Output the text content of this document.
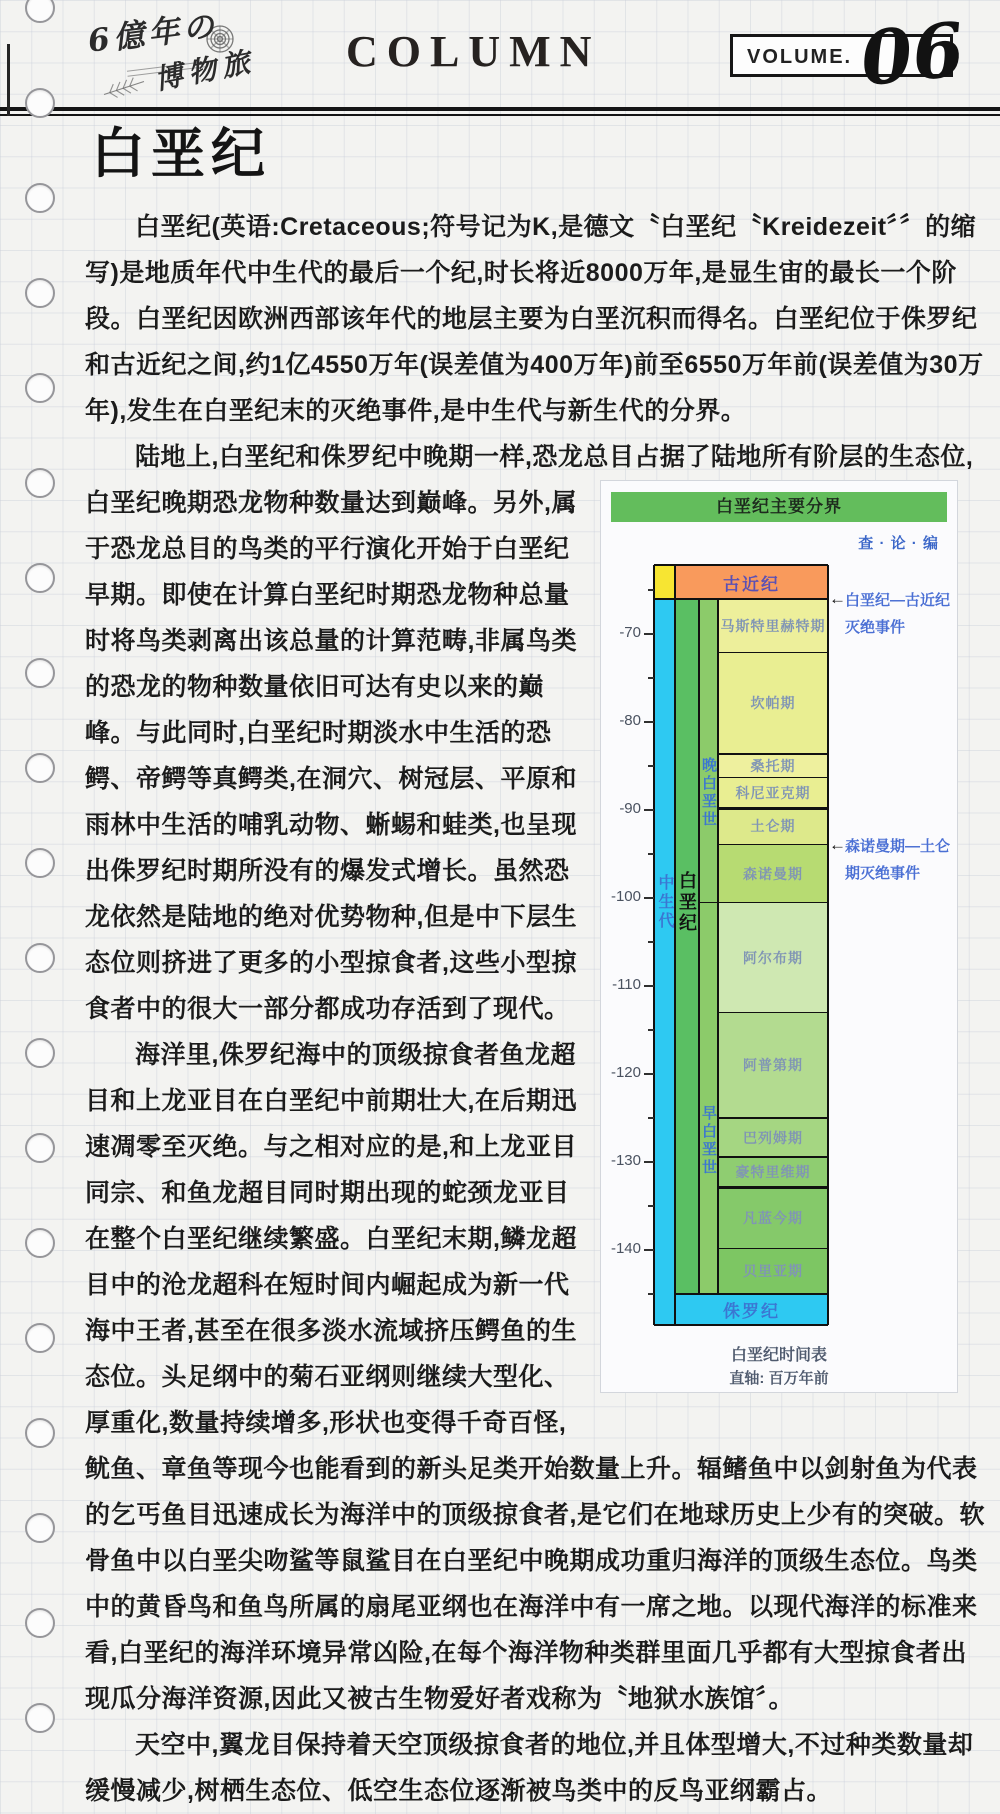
6億年の
博物旅	COLUMN	VOLUME. 06
白垩纪

白垩纪(英语:Cretaceous;符号记为K,是德文〝白垩纪〝Kreidezeit〞〞的缩写)是地质年代中生代的最后一个纪,时长将近8000万年,是显生宙的最长一个阶段。白垩纪因欧洲西部该年代的地层主要为白垩沉积而得名。白垩纪位于侏罗纪和古近纪之间,约1亿4550万年(误差值为400万年)前至6550万年前(误差值为30万年),发生在白垩纪末的灭绝事件,是中生代与新生代的分界。

陆地上,白垩纪和侏罗纪中晚期一样,恐龙总目占据了陆地所有阶层的生态位,

白垩纪主要分界
查 · 论 · 编
古近纪
马斯特里赫特期
坎帕期
桑托期
科尼亚克期
土仑期
森诺曼期
阿尔布期
阿普第期
巴列姆期
豪特里维期
凡蓝今期
贝里亚期
侏罗纪
中生代 白垩纪
晚白垩世
早白垩世
-70
-80
-90
-100
-110
-120
-130
-140
← 白垩纪—古近纪
灭绝事件
← 森诺曼期—土仑
期灭绝事件
白垩纪时间表
直轴: 百万年前

白垩纪晚期恐龙物种数量达到巅峰。另外,属于恐龙总目的鸟类的平行演化开始于白垩纪早期。即使在计算白垩纪时期恐龙物种总量时将鸟类剥离出该总量的计算范畴,非属鸟类的恐龙的物种数量依旧可达有史以来的巅峰。与此同时,白垩纪时期淡水中生活的恐鳄、帝鳄等真鳄类,在洞穴、树冠层、平原和雨林中生活的哺乳动物、蜥蜴和蛙类,也呈现出侏罗纪时期所没有的爆发式增长。虽然恐龙依然是陆地的绝对优势物种,但是中下层生态位则挤进了更多的小型掠食者,这些小型掠食者中的很大一部分都成功存活到了现代。

海洋里,侏罗纪海中的顶级掠食者鱼龙超目和上龙亚目在白垩纪中前期壮大,在后期迅速凋零至灭绝。与之相对应的是,和上龙亚目同宗、和鱼龙超目同时期出现的蛇颈龙亚目在整个白垩纪继续繁盛。白垩纪末期,鳞龙超目中的沧龙超科在短时间内崛起成为新一代海中王者,甚至在很多淡水流域挤压鳄鱼的生态位。头足纲中的菊石亚纲则继续大型化、厚重化,数量持续增多,形状也变得千奇百怪,鱿鱼、章鱼等现今也能看到的新头足类开始数量上升。辐鳍鱼中以剑射鱼为代表的乞丐鱼目迅速成长为海洋中的顶级掠食者,是它们在地球历史上少有的突破。软骨鱼中以白垩尖吻鲨等鼠鲨目在白垩纪中晚期成功重归海洋的顶级生态位。鸟类中的黄昏鸟和鱼鸟所属的扇尾亚纲也在海洋中有一席之地。以现代海洋的标准来看,白垩纪的海洋环境异常凶险,在每个海洋物种类群里面几乎都有大型掠食者出现瓜分海洋资源,因此又被古生物爱好者戏称为〝地狱水族馆〞。

天空中,翼龙目保持着天空顶级掠食者的地位,并且体型增大,不过种类数量却缓慢减少,树栖生态位、低空生态位逐渐被鸟类中的反鸟亚纲霸占。
